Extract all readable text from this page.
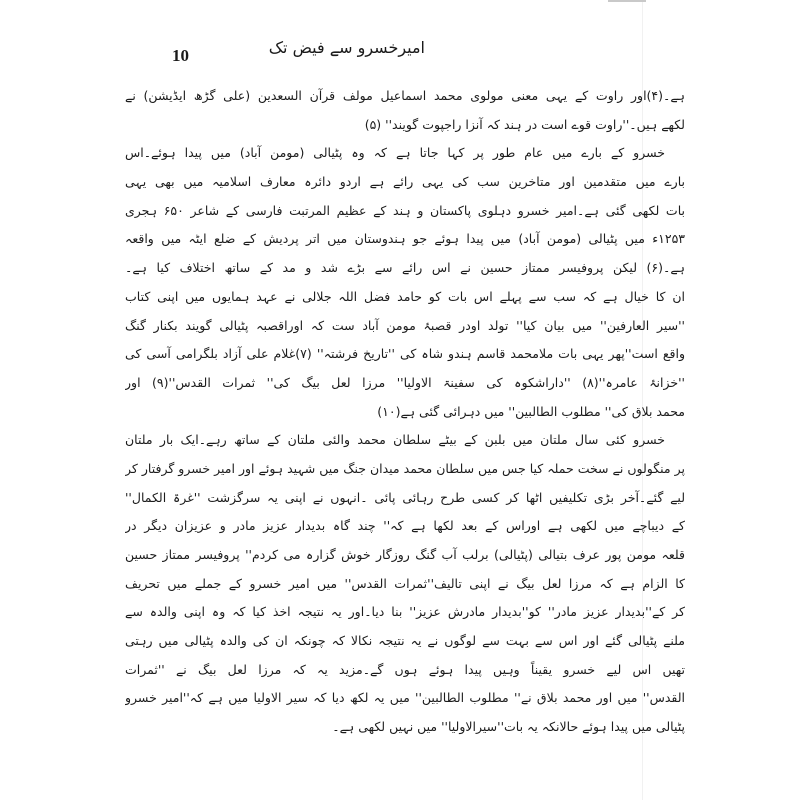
10	امیرخسرو سے فیض تک
ہے۔(۴)اور راوت کے یہی معنی مولوی محمد اسماعیل مولف قرآن السعدین (علی گڑھ ایڈیشن) نے
لکھے ہیں۔''راوت قوے است در ہند کہ آنزا راجپوت گویند'' (۵)
خسرو کے بارے میں عام طور پر کہا جاتا ہے کہ وہ پٹیالی (مومن آباد) میں پیدا ہوئے۔اس
بارے میں متقدمین اور متاخرین سب کی یہی رائے ہے اردو دائرہ معارف اسلامیہ میں بھی یہی
بات لکھی گئی ہے۔امیر خسرو دہلوی پاکستان و ہند کے عظیم المرتبت فارسی کے شاعر ۶۵۰ ہجری
۱۲۵۳ء میں پٹیالی (مومن آباد) میں پیدا ہوئے جو ہندوستان میں اتر پردیش کے ضلع ایٹہ میں واقعہ
ہے۔(۶) لیکن پروفیسر ممتاز حسین نے اس رائے سے بڑے شد و مد کے ساتھ اختلاف کیا ہے۔
ان کا خیال ہے کہ سب سے پہلے اس بات کو حامد فضل اللہ جلالی نے عہد ہمایوں میں اپنی کتاب
''سیر العارفین'' میں بیان کیا'' تولد اودر قصبۂ مومن آباد ست کہ اوراقصبہ پٹیالی گویند بکنار گنگ
واقع است''پھر یہی بات ملامحمد قاسم ہندو شاہ کی ''تاریخ فرشتہ'' (۷)غلام علی آزاد بلگرامی آسی کی
''خزانۂ عامرہ''(۸) ''داراشکوہ کی سفینۃ الاولیا'' مرزا لعل بیگ کی'' ثمرات القدس''(۹) اور
محمد بلاق کی'' مطلوب الطالبین'' میں دہرائی گئی ہے(۱۰)
خسرو کئی سال ملتان میں بلبن کے بیٹے سلطان محمد والئی ملتان کے ساتھ رہے۔ایک بار ملتان
پر منگولوں نے سخت حملہ کیا جس میں سلطان محمد میدان جنگ میں شہید ہوئے اور امیر خسرو گرفتار کر
لیے گئے۔آخر بڑی تکلیفیں اٹھا کر کسی طرح رہائی پائی ۔انہوں نے اپنی یہ سرگزشت ''غرۃ الکمال''
کے دیباچے میں لکھی ہے اوراس کے بعد لکھا ہے کہ'' چند گاہ بدیدار عزیز مادر و عزیزان دیگر در
قلعہ مومن پور عرف بتیالی (پٹیالی) برلب آب گنگ روزگار خوش گزارہ می کردم'' پروفیسر ممتاز حسین
کا الزام ہے کہ مرزا لعل بیگ نے اپنی تالیف''ثمرات القدس'' میں امیر خسرو کے جملے میں تحریف
کر کے''بدیدار عزیز مادر'' کو''بدیدار مادرش عزیز'' بنا دیا۔اور یہ نتیجہ اخذ کیا کہ وہ اپنی والدہ سے
ملنے پٹیالی گئے اور اس سے بہت سے لوگوں نے یہ نتیجہ نکالا کہ چونکہ ان کی والدہ پٹیالی میں رہتی
تھیں اس لیے خسرو یقیناً وہیں پیدا ہوئے ہوں گے۔مزید یہ کہ مرزا لعل بیگ نے ''ثمرات
القدس'' میں اور محمد بلاق نے'' مطلوب الطالبین'' میں یہ لکھ دیا کہ سیر الاولیا میں ہے کہ''امیر خسرو
پٹیالی میں پیدا ہوئے حالانکہ یہ بات''سیرالاولیا'' میں نہیں لکھی ہے۔
